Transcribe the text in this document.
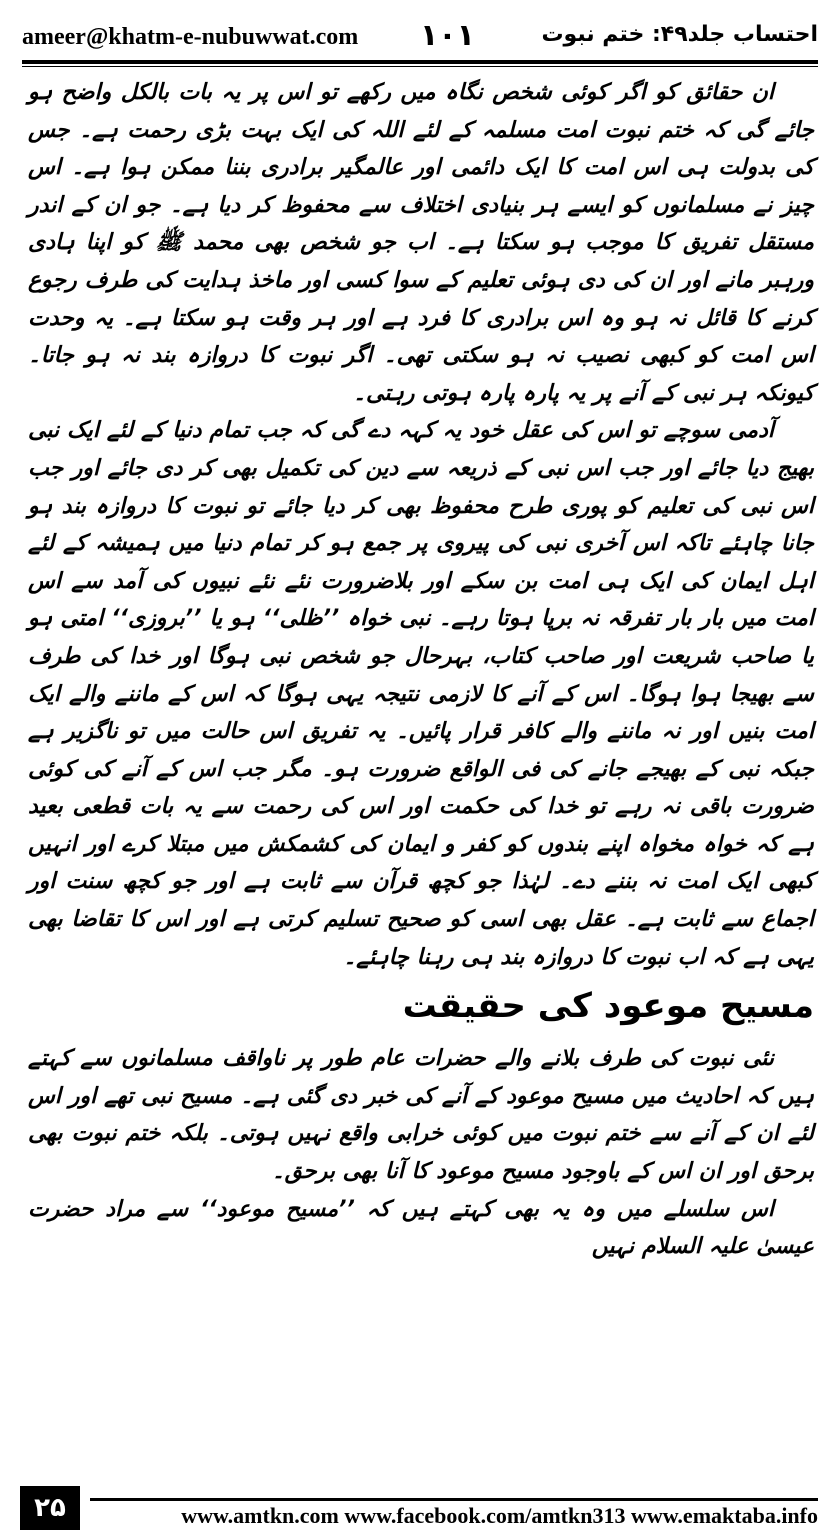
ameer@khatm-e-nubuwwat.com ۱۰۱	احتساب جلد۴۹: ختم نبوت

ان حقائق کو اگر کوئی شخص نگاہ میں رکھے تو اس پر یہ بات بالکل واضح ہو جائے گی کہ ختم نبوت امت مسلمہ کے لئے اللہ کی ایک بہت بڑی رحمت ہے۔ جس کی بدولت ہی اس امت کا ایک دائمی اور عالمگیر برادری بننا ممکن ہوا ہے۔ اس چیز نے مسلمانوں کو ایسے ہر بنیادی اختلاف سے محفوظ کر دیا ہے۔ جو ان کے اندر مستقل تفریق کا موجب ہو سکتا ہے۔ اب جو شخص بھی محمد ﷺ کو اپنا ہادی ورہبر مانے اور ان کی دی ہوئی تعلیم کے سوا کسی اور ماخذ ہدایت کی طرف رجوع کرنے کا قائل نہ ہو وہ اس برادری کا فرد ہے اور ہر وقت ہو سکتا ہے۔ یہ وحدت اس امت کو کبھی نصیب نہ ہو سکتی تھی۔ اگر نبوت کا دروازہ بند نہ ہو جاتا۔ کیونکہ ہر نبی کے آنے پر یہ پارہ پارہ ہوتی رہتی۔

آدمی سوچے تو اس کی عقل خود یہ کہہ دے گی کہ جب تمام دنیا کے لئے ایک نبی بھیج دیا جائے اور جب اس نبی کے ذریعہ سے دین کی تکمیل بھی کر دی جائے اور جب اس نبی کی تعلیم کو پوری طرح محفوظ بھی کر دیا جائے تو نبوت کا دروازہ بند ہو جانا چاہئے تاکہ اس آخری نبی کی پیروی پر جمع ہو کر تمام دنیا میں ہمیشہ کے لئے اہل ایمان کی ایک ہی امت بن سکے اور بلاضرورت نئے نئے نبیوں کی آمد سے اس امت میں بار بار تفرقہ نہ برپا ہوتا رہے۔ نبی خواہ ’’ظلی‘‘ ہو یا ’’بروزی‘‘ امتی ہو یا صاحب شریعت اور صاحب کتاب، بہرحال جو شخص نبی ہوگا اور خدا کی طرف سے بھیجا ہوا ہوگا۔ اس کے آنے کا لازمی نتیجہ یہی ہوگا کہ اس کے ماننے والے ایک امت بنیں اور نہ ماننے والے کافر قرار پائیں۔ یہ تفریق اس حالت میں تو ناگزیر ہے جبکہ نبی کے بھیجے جانے کی فی الواقع ضرورت ہو۔ مگر جب اس کے آنے کی کوئی ضرورت باقی نہ رہے تو خدا کی حکمت اور اس کی رحمت سے یہ بات قطعی بعید ہے کہ خواہ مخواہ اپنے بندوں کو کفر و ایمان کی کشمکش میں مبتلا کرے اور انہیں کبھی ایک امت نہ بننے دے۔ لہٰذا جو کچھ قرآن سے ثابت ہے اور جو کچھ سنت اور اجماع سے ثابت ہے۔ عقل بھی اسی کو صحیح تسلیم کرتی ہے اور اس کا تقاضا بھی یہی ہے کہ اب نبوت کا دروازہ بند ہی رہنا چاہئے۔

مسیح موعود کی حقیقت

نئی نبوت کی طرف بلانے والے حضرات عام طور پر ناواقف مسلمانوں سے کہتے ہیں کہ احادیث میں مسیح موعود کے آنے کی خبر دی گئی ہے۔ مسیح نبی تھے اور اس لئے ان کے آنے سے ختم نبوت میں کوئی خرابی واقع نہیں ہوتی۔ بلکہ ختم نبوت بھی برحق اور ان اس کے باوجود مسیح موعود کا آنا بھی برحق۔

اس سلسلے میں وہ یہ بھی کہتے ہیں کہ ’’مسیح موعود‘‘ سے مراد حضرت عیسیٰ علیہ السلام نہیں

۲۵	www.amtkn.com www.facebook.com/amtkn313 www.emaktaba.info
